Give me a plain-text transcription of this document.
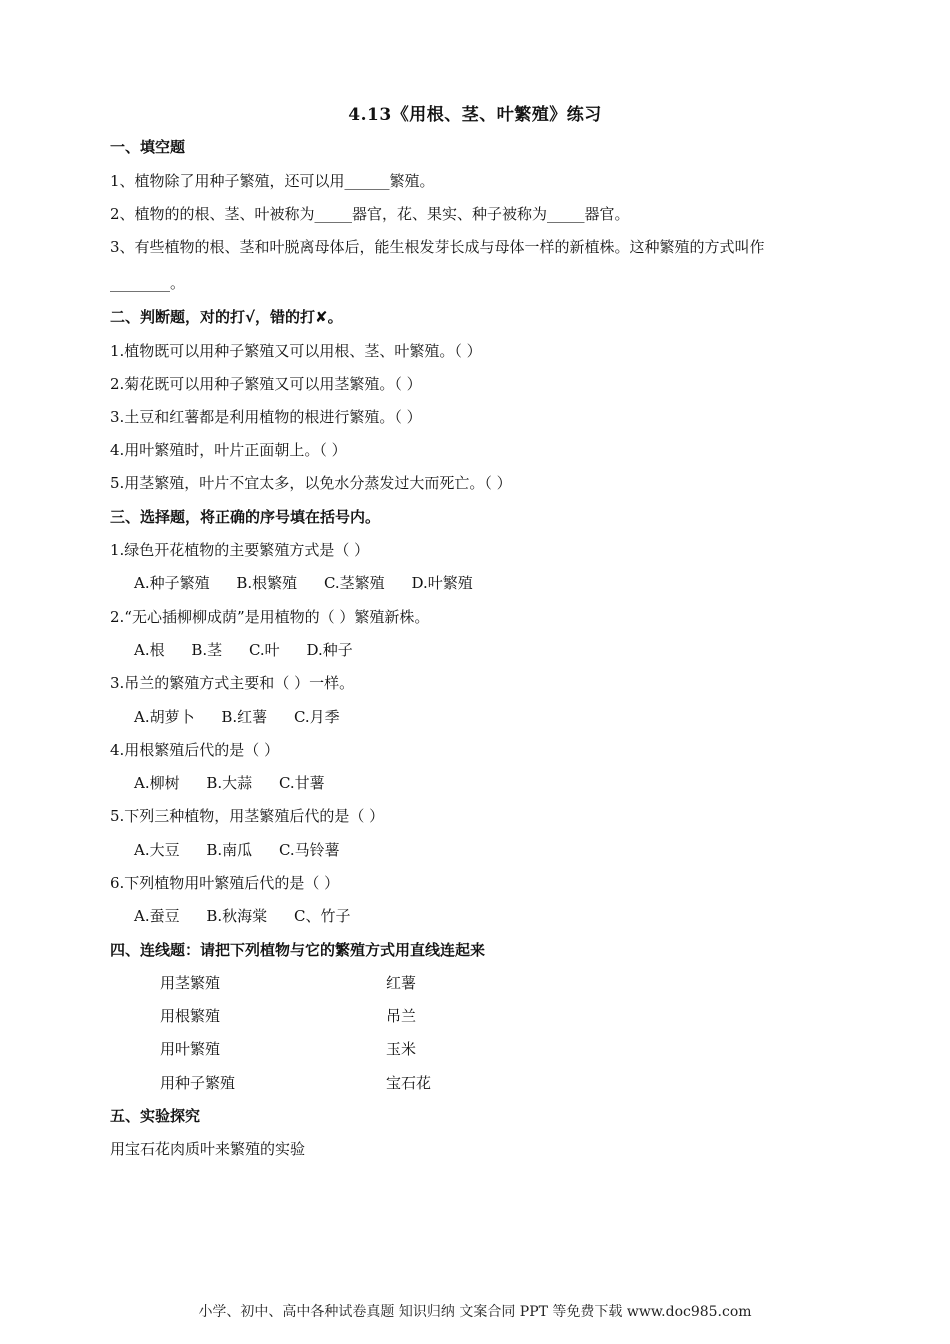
4.13《用根、茎、叶繁殖》练习
一、填空题
1、植物除了用种子繁殖，还可以用______繁殖。
2、植物的的根、茎、叶被称为_____器官，花、果实、种子被称为_____器官。
3、有些植物的根、茎和叶脱离母体后，能生根发芽长成与母体一样的新植株。这种繁殖的方式叫作
________。
二、判断题，对的打√，错的打✘。
1.植物既可以用种子繁殖又可以用根、茎、叶繁殖。（ ）
2.菊花既可以用种子繁殖又可以用茎繁殖。（ ）
3.土豆和红薯都是利用植物的根进行繁殖。（ ）
4.用叶繁殖时，叶片正面朝上。（ ）
5.用茎繁殖，叶片不宜太多，以免水分蒸发过大而死亡。（ ）
三、选择题，将正确的序号填在括号内。
1.绿色开花植物的主要繁殖方式是（ ）
A.种子繁殖 B.根繁殖 C.茎繁殖 D.叶繁殖
2.“无心插柳柳成荫”是用植物的（ ）繁殖新株。
A.根 B.茎 C.叶 D.种子
3.吊兰的繁殖方式主要和（ ）一样。
A.胡萝卜 B.红薯 C.月季
4.用根繁殖后代的是（ ）
A.柳树 B.大蒜 C.甘薯
5.下列三种植物，用茎繁殖后代的是（ ）
A.大豆 B.南瓜 C.马铃薯
6.下列植物用叶繁殖后代的是（ ）
A.蚕豆 B.秋海棠 C、竹子
四、连线题：请把下列植物与它的繁殖方式用直线连起来
用茎繁殖	红薯
用根繁殖	吊兰
用叶繁殖	玉米
用种子繁殖	宝石花
五、实验探究
用宝石花肉质叶来繁殖的实验
小学、初中、高中各种试卷真题 知识归纳 文案合同 PPT 等免费下载 www.doc985.com
